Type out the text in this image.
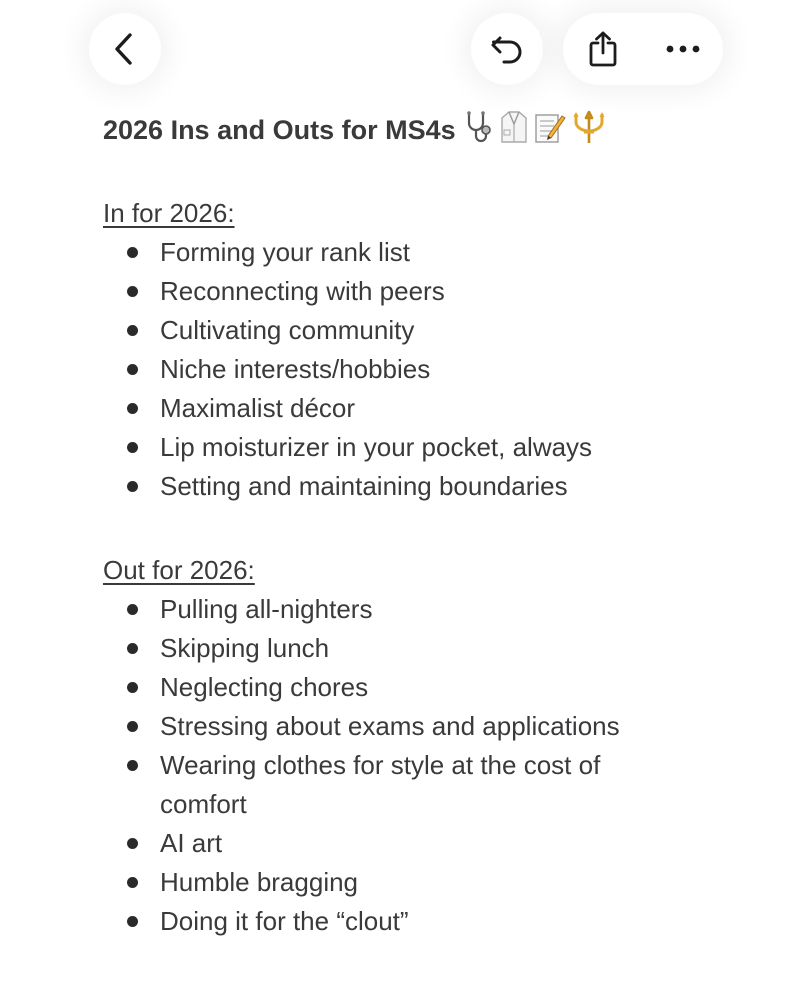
2026 Ins and Outs for MS4s
In for 2026:
Forming your rank list
Reconnecting with peers
Cultivating community
Niche interests/hobbies
Maximalist décor
Lip moisturizer in your pocket, always
Setting and maintaining boundaries
Out for 2026:
Pulling all-nighters
Skipping lunch
Neglecting chores
Stressing about exams and applications
Wearing clothes for style at the cost of comfort
AI art
Humble bragging
Doing it for the “clout”
